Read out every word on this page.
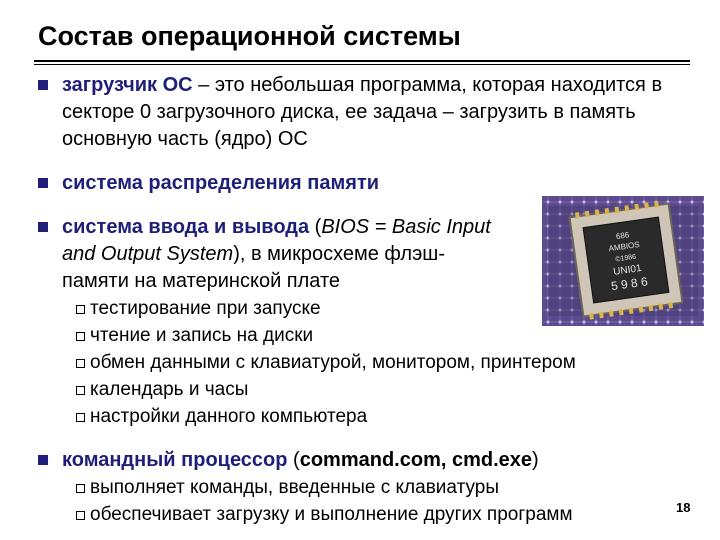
Состав операционной системы
686
AMBIOS
©1986
UNI01
5 9 8 6
загрузчик ОС – это небольшая программа, которая находится в секторе 0 загрузочного диска, ее задача – загрузить в память основную часть (ядро) ОС
система распределения памяти
система ввода и вывода (BIOS = Basic Input and Output System), в микросхеме флэш-памяти на материнской плате
тестирование при запуске
чтение и запись на диски
обмен данными с клавиатурой, монитором, принтером
календарь и часы
настройки данного компьютера
командный процессор (command.com, cmd.exe)
выполняет команды, введенные с клавиатуры
обеспечивает загрузку и выполнение других программ	18
